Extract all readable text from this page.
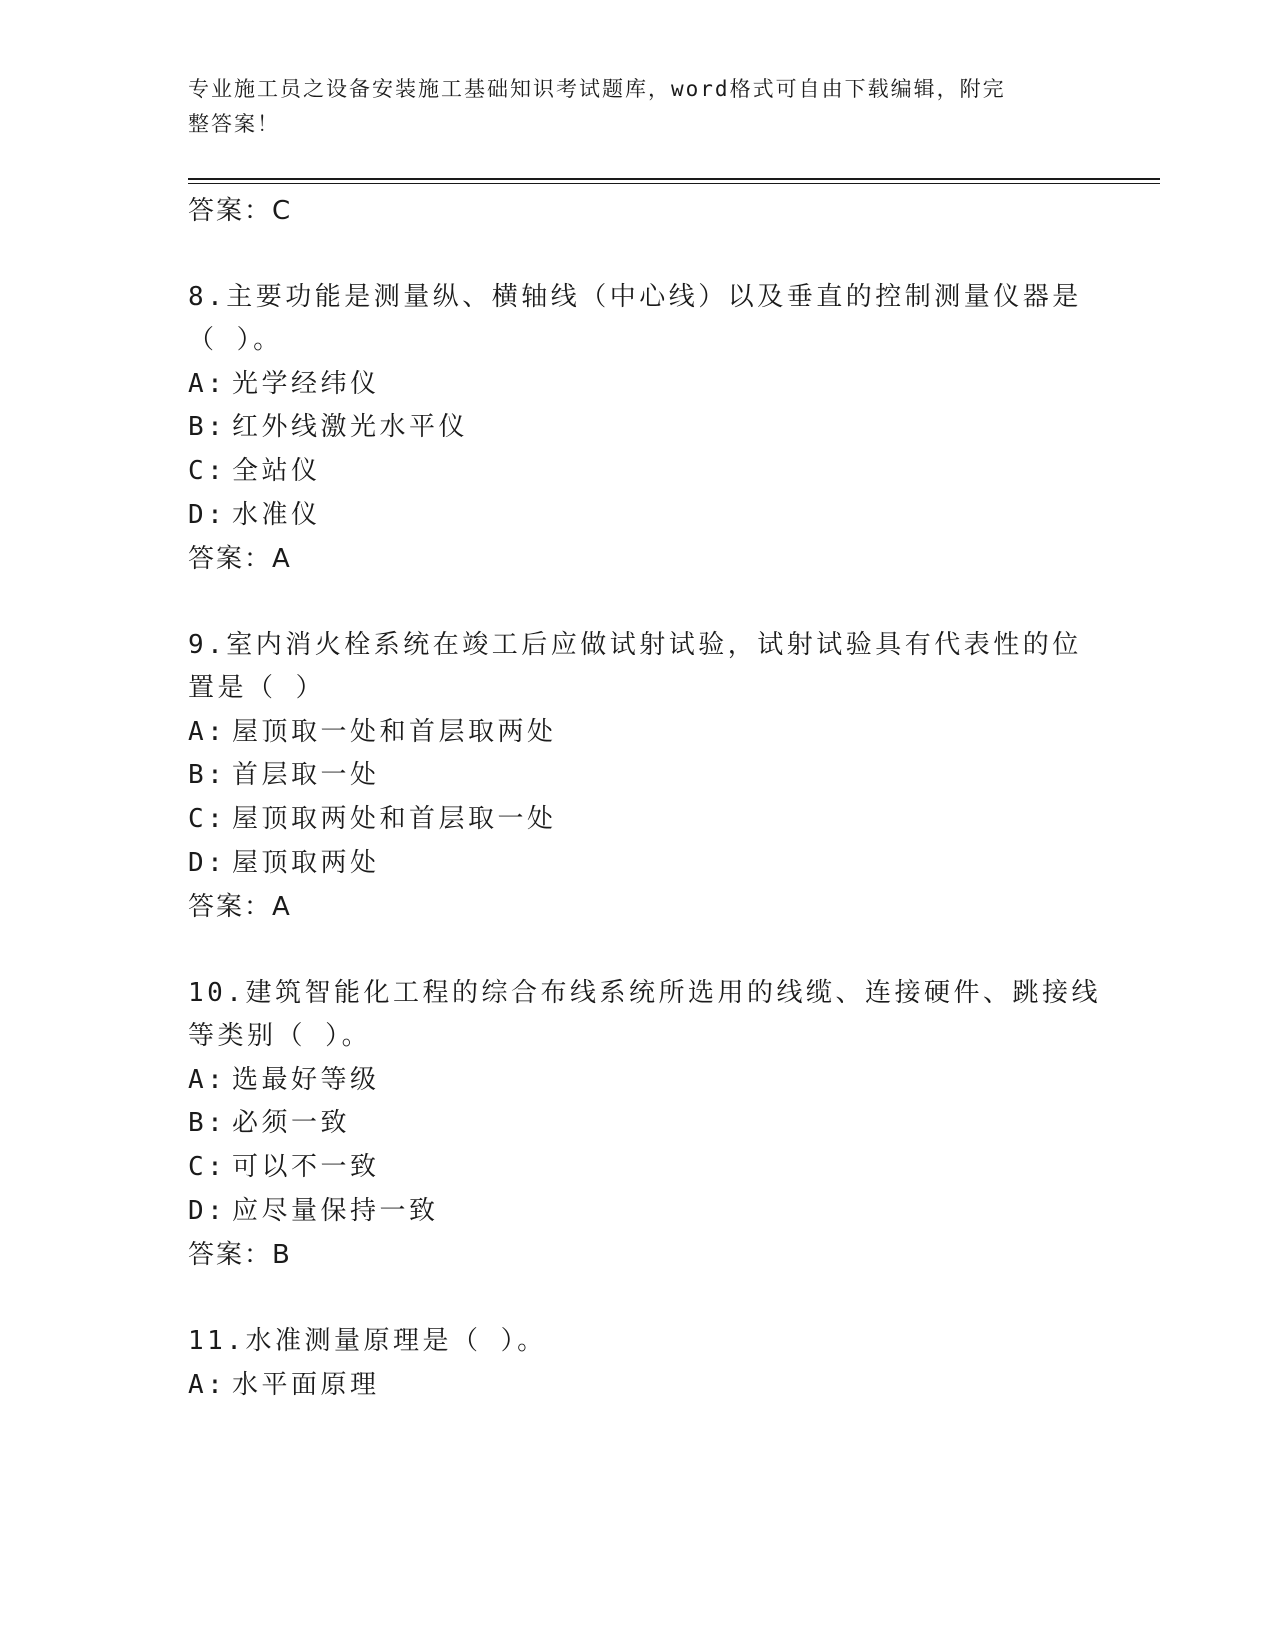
专业施工员之设备安装施工基础知识考试题库，word格式可自由下载编辑，附完
整答案！
答案：C
8.主要功能是测量纵、横轴线（中心线）以及垂直的控制测量仪器是
（ ）。
A: 光学经纬仪
B: 红外线激光水平仪
C: 全站仪
D: 水准仪
答案：A
9.室内消火栓系统在竣工后应做试射试验，试射试验具有代表性的位
置是（ ）
A: 屋顶取一处和首层取两处
B: 首层取一处
C: 屋顶取两处和首层取一处
D: 屋顶取两处
答案：A
10.建筑智能化工程的综合布线系统所选用的线缆、连接硬件、跳接线
等类别（ ）。
A: 选最好等级
B: 必须一致
C: 可以不一致
D: 应尽量保持一致
答案：B
11.水准测量原理是（ ）。
A: 水平面原理
